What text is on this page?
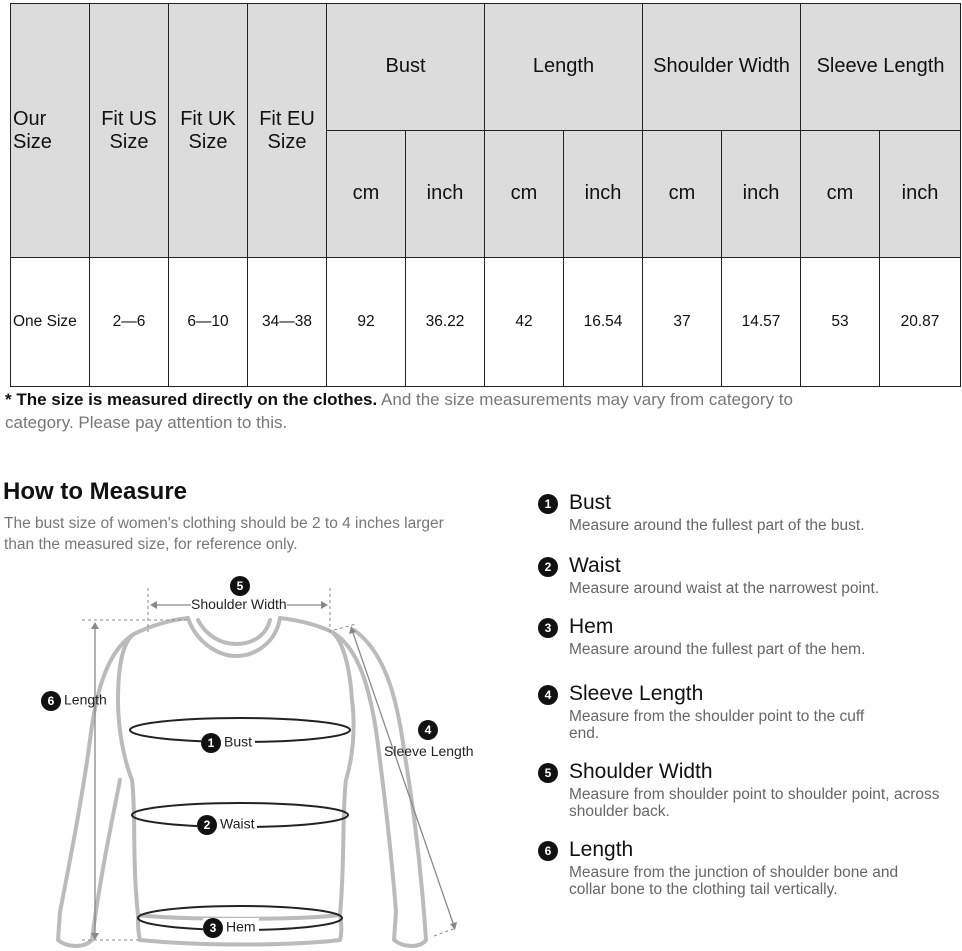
Our Size	Fit US Size	Fit UK Size	Fit EU Size	Bust		Length		Shoulder Width		Sleeve Length	
				cm	inch	cm	inch	cm	inch	cm	inch
One Size	2—6	6—10	34—38	92	36.22	42	16.54	37	14.57	53	20.87
* The size is measured directly on the clothes. And the size measurements may vary from category to category. Please pay attention to this.
How to Measure
The bust size of women's clothing should be 2 to 4 inches larger than the measured size, for reference only.
5
Shoulder Width
6 Length
1 Bust
4
Sleeve Length
2 Waist
3 Hem
1 Bust
Measure around the fullest part of the bust.
2 Waist
Measure around waist at the narrowest point.
3 Hem
Measure around the fullest part of the hem.
4 Sleeve Length
Measure from the shoulder point to the cuff end.
5 Shoulder Width
Measure from shoulder point to shoulder point, across shoulder back.
6 Length
Measure from the junction of shoulder bone and collar bone to the clothing tail vertically.
